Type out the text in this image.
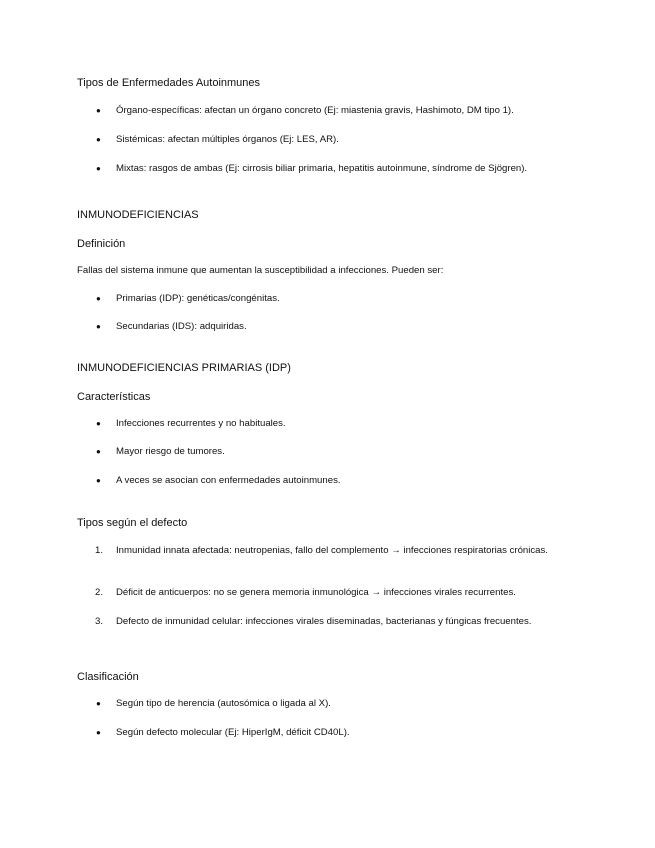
Tipos de Enfermedades Autoinmunes
●	Órgano-específicas: afectan un órgano concreto (Ej: miastenia gravis, Hashimoto, DM tipo 1).
●	Sistémicas: afectan múltiples órganos (Ej: LES, AR).
●	Mixtas: rasgos de ambas (Ej: cirrosis biliar primaria, hepatitis autoinmune, síndrome de Sjögren).
INMUNODEFICIENCIAS
Definición

Fallas del sistema inmune que aumentan la susceptibilidad a infecciones. Pueden ser:

●	Primarias (IDP): genéticas/congénitas.
●	Secundarias (IDS): adquiridas.
INMUNODEFICIENCIAS PRIMARIAS (IDP)
Características
●	Infecciones recurrentes y no habituales.
●	Mayor riesgo de tumores.
●	A veces se asocian con enfermedades autoinmunes.
Tipos según el defecto
1.	Inmunidad innata afectada: neutropenias, fallo del complemento → infecciones respiratorias crónicas.
2.	Déficit de anticuerpos: no se genera memoria inmunológica → infecciones virales recurrentes.
3.	Defecto de inmunidad celular: infecciones virales diseminadas, bacterianas y fúngicas frecuentes.
Clasificación
●	Según tipo de herencia (autosómica o ligada al X).
●	Según defecto molecular (Ej: HiperIgM, déficit CD40L).
